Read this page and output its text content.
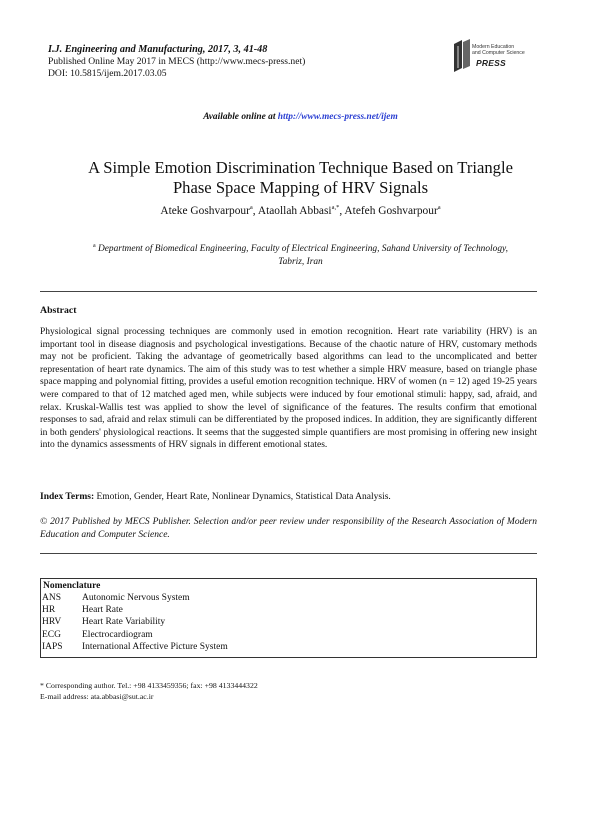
I.J. Engineering and Manufacturing, 2017, 3, 41-48
Published Online May 2017 in MECS (http://www.mecs-press.net)
DOI: 10.5815/ijem.2017.03.05
Modern Education
and Computer Science
PRESS
Available online at http://www.mecs-press.net/ijem
A Simple Emotion Discrimination Technique Based on Triangle
Phase Space Mapping of HRV Signals
Ateke Goshvarpour$^a$, Ataollah Abbasi$^{a,*}$, Atefeh Goshvarpour$^a$
$^a$ Department of Biomedical Engineering, Faculty of Electrical Engineering, Sahand University of Technology,
Tabriz, Iran
Abstract
Physiological signal processing techniques are commonly used in emotion recognition. Heart rate variability (HRV) is an important tool in disease diagnosis and psychological investigations. Because of the chaotic nature of HRV, customary methods may not be proficient. Taking the advantage of geometrically based algorithms can lead to the uncomplicated and better representation of heart rate dynamics. The aim of this study was to test whether a simple HRV measure, based on triangle phase space mapping and polynomial fitting, provides a useful emotion recognition technique. HRV of women (n = 12) aged 19-25 years were compared to that of 12 matched aged men, while subjects were induced by four emotional stimuli: happy, sad, afraid, and relax. Kruskal-Wallis test was applied to show the level of significance of the features. The results confirm that emotional responses to sad, afraid and relax stimuli can be differentiated by the proposed indices. In addition, they are significantly different in both genders' physiological reactions. It seems that the suggested simple quantifiers are most promising in offering new insight into the dynamics assessments of HRV signals in different emotional states.
Index Terms: Emotion, Gender, Heart Rate, Nonlinear Dynamics, Statistical Data Analysis.
© 2017 Published by MECS Publisher. Selection and/or peer review under responsibility of the Research Association of Modern Education and Computer Science.
Nomenclature
ANS	Autonomic Nervous System
HR	Heart Rate
HRV	Heart Rate Variability
ECG	Electrocardiogram
IAPS	International Affective Picture System
* Corresponding author. Tel.: +98 4133459356; fax: +98 4133444322
E-mail address: ata.abbasi@sut.ac.ir
